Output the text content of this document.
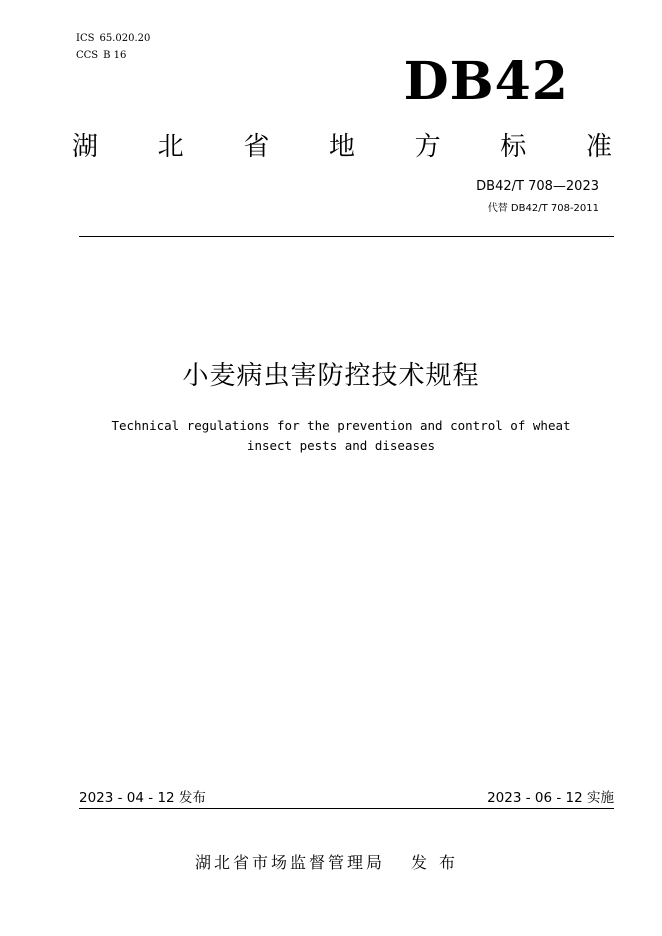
ICS 65.020.20
CCS B 16	DB42
湖 北 省 地 方 标 准
DB42/T 708—2023
代替 DB42/T 708-2011
小麦病虫害防控技术规程
Technical regulations for the prevention and control of wheat
insect pests and diseases
2023 - 04 - 12 发布	2023 - 06 - 12 实施
湖北省市场监督管理局 发布
